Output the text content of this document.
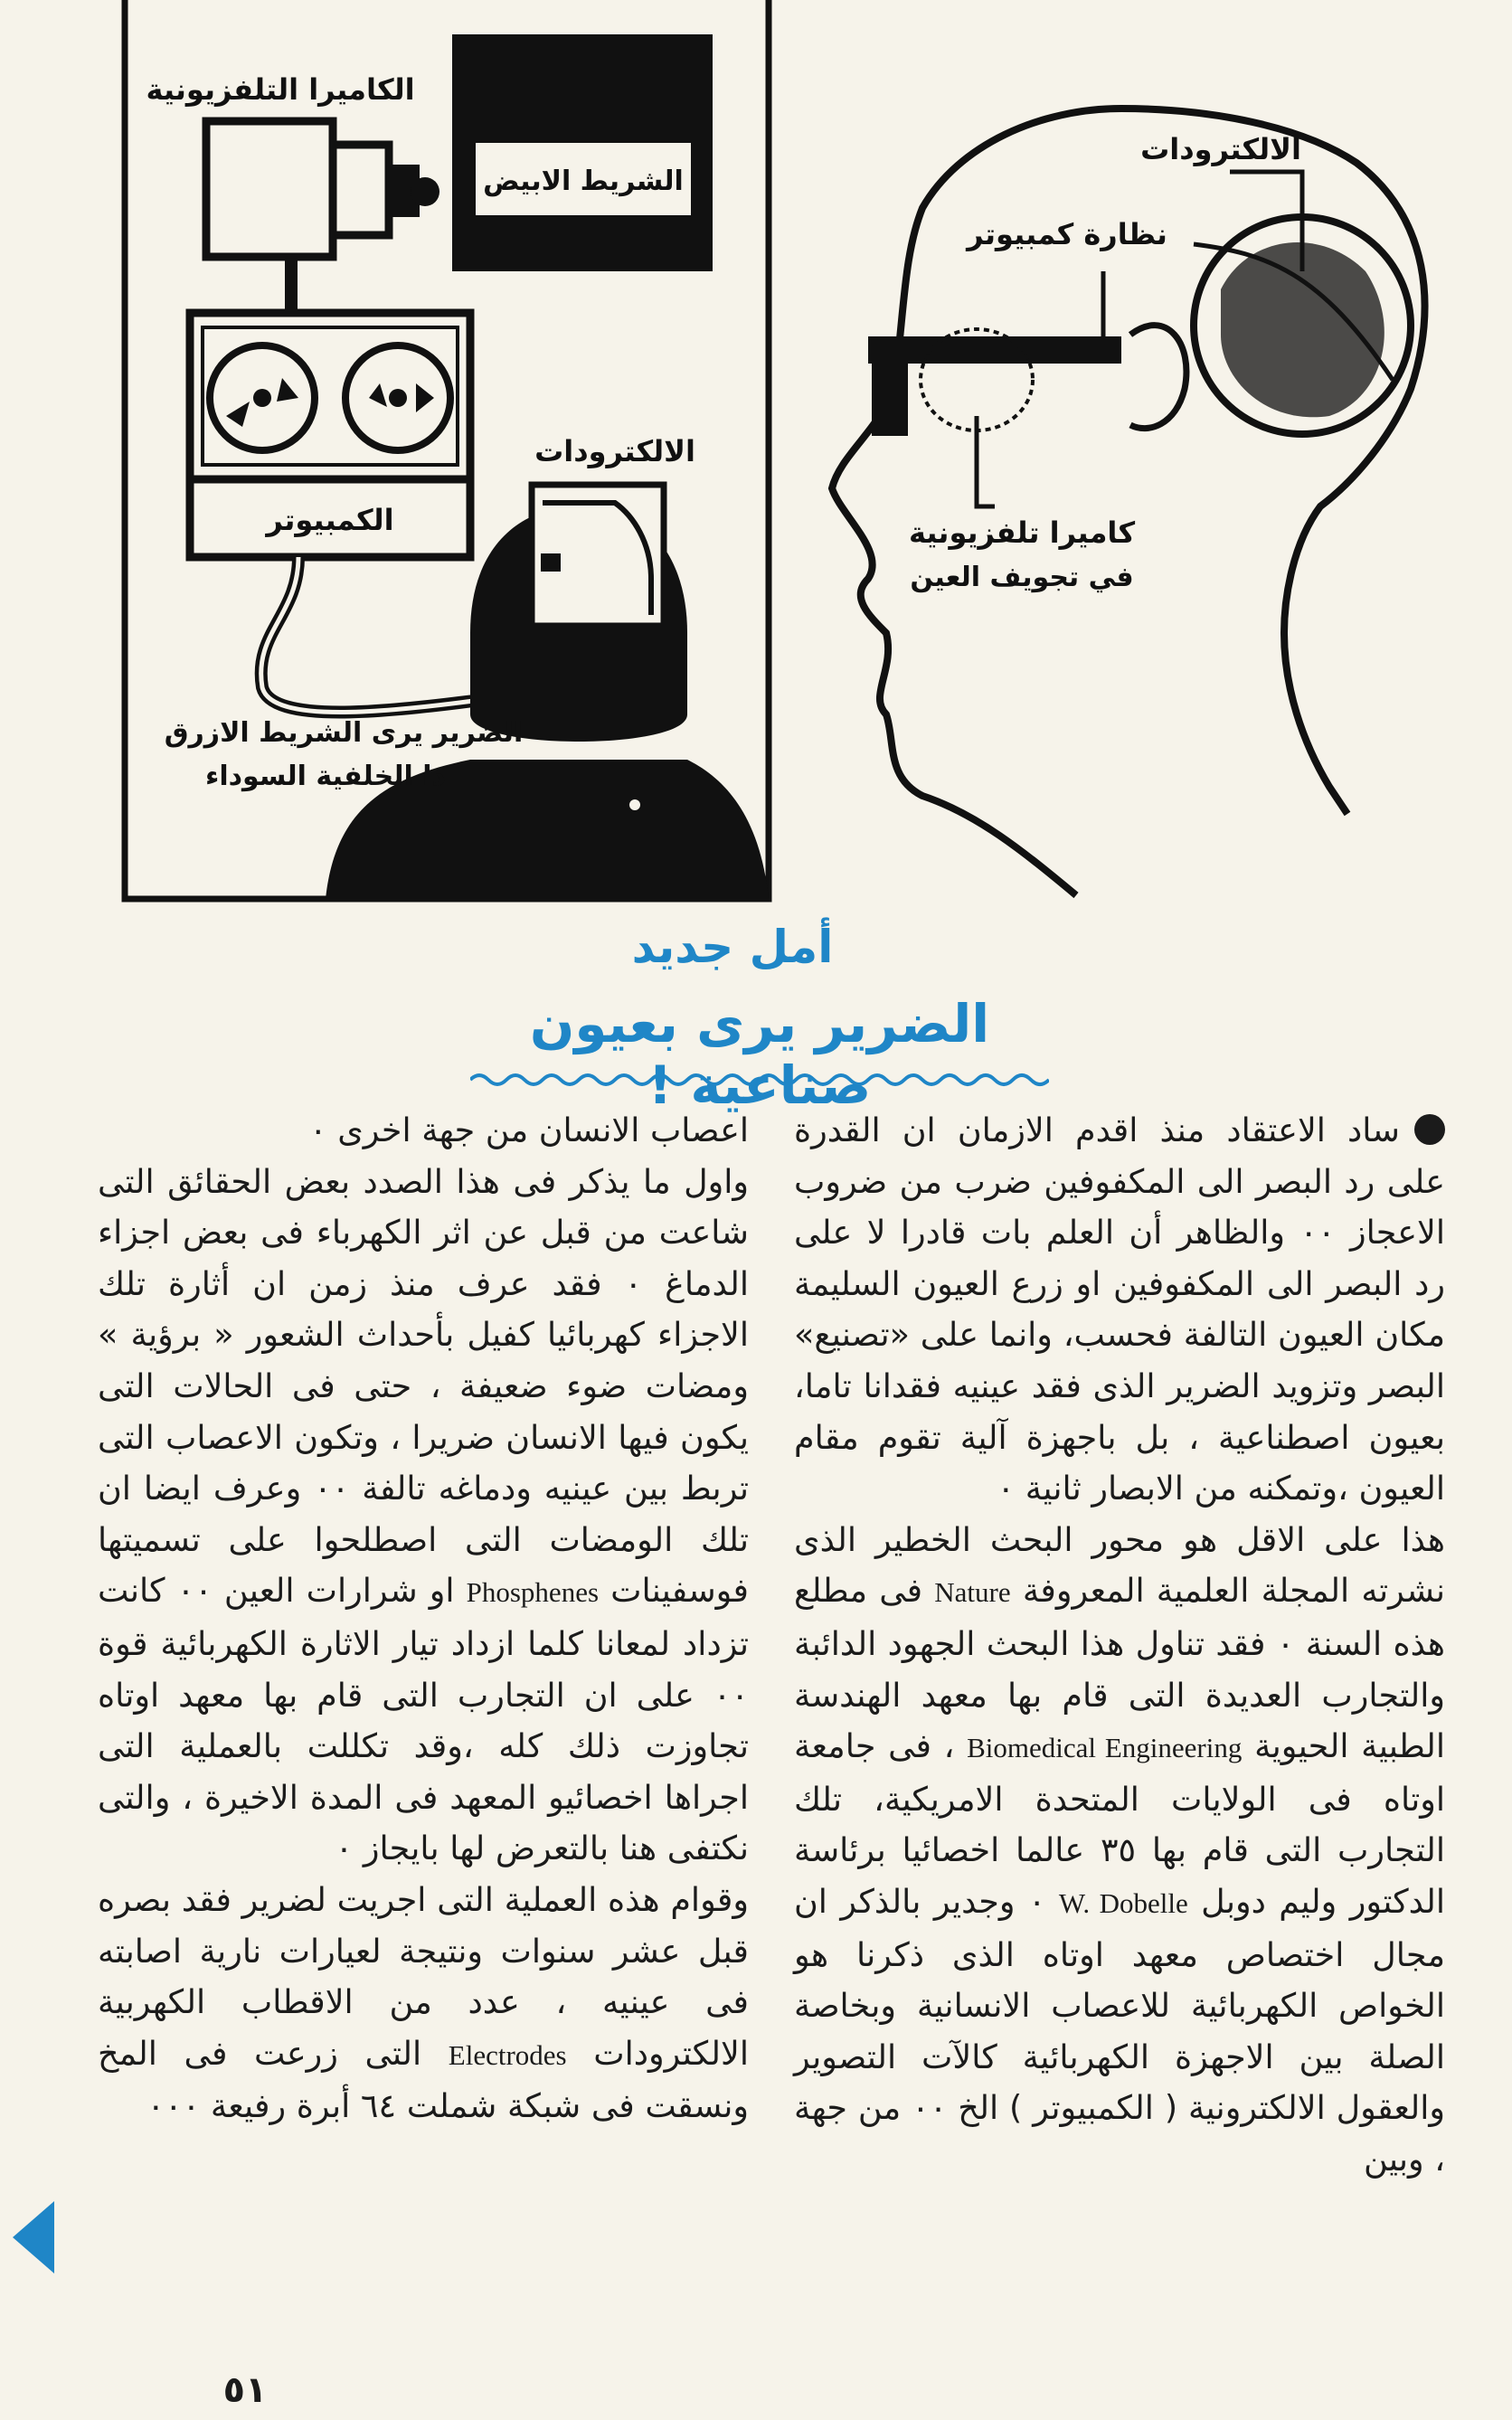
الشريط الابيض
الكاميرا التلفزيونية
الكمبيوتر
الالكترودات
الضرير يرى الشريط الازرق
ذا الخلفية السوداء
نظارة كمبيوتر
الالكترودات
كاميرا تلفزيونية
في تجويف العين
أمل جديد
الضرير يرى بعيون صناعية !

ساد الاعتقاد منذ اقدم الازمان ان القدرة على رد البصر الى المكفوفين ضرب من ضروب الاعجاز ٠٠ والظاهر أن العلم بات قادرا لا على رد البصر الى المكفوفين او زرع العيون السليمة مكان العيون التالفة فحسب، وانما على «تصنيع» البصر وتزويد الضرير الذى فقد عينيه فقدانا تاما، بعيون اصطناعية ، بل باجهزة آلية تقوم مقام العيون ،وتمكنه من الابصار ثانية ٠

هذا على الاقل هو محور البحث الخطير الذى نشرته المجلة العلمية المعروفة Nature فى مطلع هذه السنة ٠ فقد تناول هذا البحث الجهود الدائبة والتجارب العديدة التى قام بها معهد الهندسة الطبية الحيوية Biomedical Engineering ، فى جامعة اوتاه فى الولايات المتحدة الامريكية، تلك التجارب التى قام بها ٣٥ عالما اخصائيا برئاسة الدكتور وليم دوبل W. Dobelle ٠ وجدير بالذكر ان مجال اختصاص معهد اوتاه الذى ذكرنا هو الخواص الكهربائية للاعصاب الانسانية وبخاصة الصلة بين الاجهزة الكهربائية كالآت التصوير والعقول الالكترونية ( الكمبيوتر ) الخ ٠٠ من جهة ، وبين

اعصاب الانسان من جهة اخرى ٠

واول ما يذكر فى هذا الصدد بعض الحقائق التى شاعت من قبل عن اثر الكهرباء فى بعض اجزاء الدماغ ٠ فقد عرف منذ زمن ان أثارة تلك الاجزاء كهربائيا كفيل بأحداث الشعور « برؤية » ومضات ضوء ضعيفة ، حتى فى الحالات التى يكون فيها الانسان ضريرا ، وتكون الاعصاب التى تربط بين عينيه ودماغه تالفة ٠٠ وعرف ايضا ان تلك الومضات التى اصطلحوا على تسميتها فوسفينات Phosphenes او شرارات العين ٠٠ كانت تزداد لمعانا كلما ازداد تيار الاثارة الكهربائية قوة ٠٠ على ان التجارب التى قام بها معهد اوتاه تجاوزت ذلك كله ،وقد تكللت بالعملية التى اجراها اخصائيو المعهد فى المدة الاخيرة ، والتى نكتفى هنا بالتعرض لها بايجاز ٠

وقوام هذه العملية التى اجريت لضرير فقد بصره قبل عشر سنوات ونتيجة لعيارات نارية اصابته فى عينيه ، عدد من الاقطاب الكهربية الالكترودات Electrodes التى زرعت فى المخ ونسقت فى شبكة شملت ٦٤ أبرة رفيعة ٠٠٠

٥١
